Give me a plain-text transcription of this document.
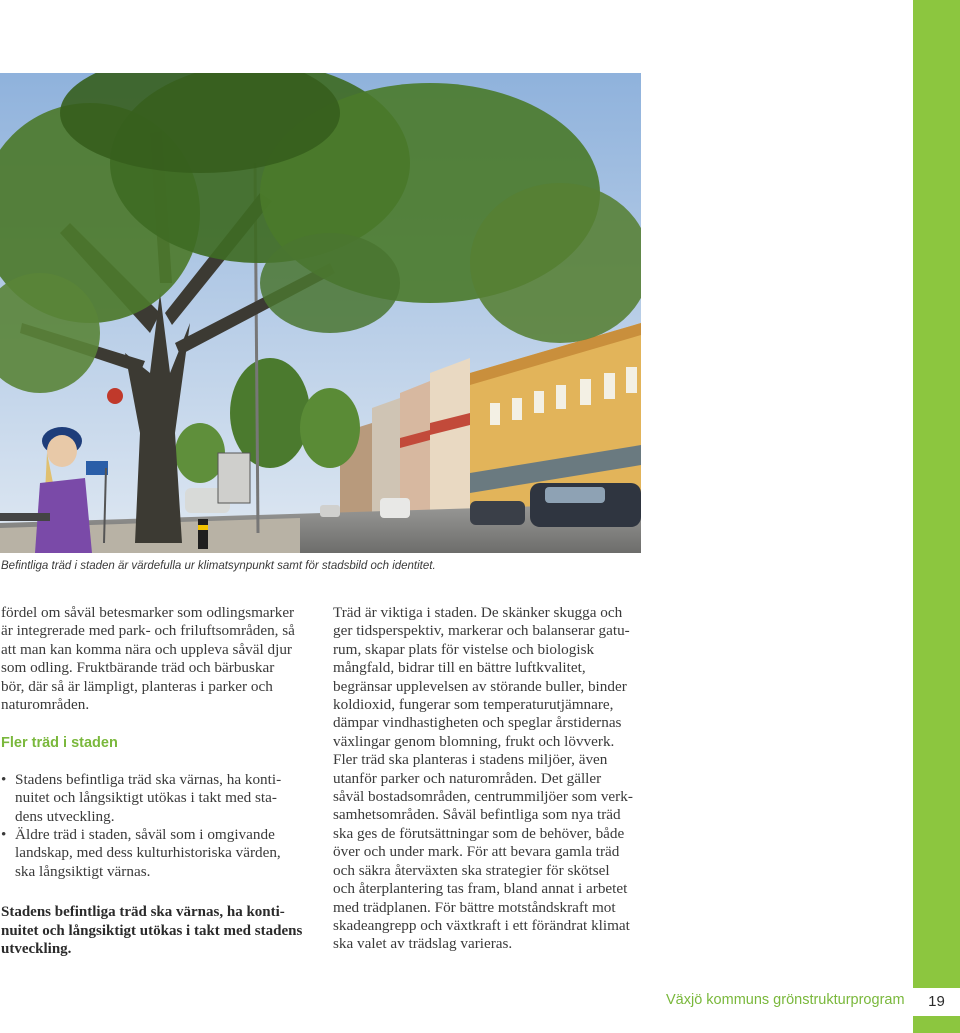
Befintliga träd i staden är värdefulla ur klimatsynpunkt samt för stadsbild och identitet.

fördel om såväl betesmarker som odlingsmarker
är integrerade med park- och friluftsområden, så
att man kan komma nära och uppleva såväl djur
som odling. Fruktbärande träd och bärbuskar
bör, där så är lämpligt, planteras i parker och
naturområden.

Fler träd i staden

• Stadens befintliga träd ska värnas, ha konti-
nuitet och långsiktigt utökas i takt med sta-
dens utveckling.
• Äldre träd i staden, såväl som i omgivande
landskap, med dess kulturhistoriska värden,
ska långsiktigt värnas.

Stadens befintliga träd ska värnas, ha konti-
nuitet och långsiktigt utökas i takt med stadens
utveckling.

Träd är viktiga i staden. De skänker skugga och
ger tidsperspektiv, markerar och balanserar gatu-
rum, skapar plats för vistelse och biologisk
mångfald, bidrar till en bättre luftkvalitet,
begränsar upplevelsen av störande buller, binder
koldioxid, fungerar som temperaturutjämnare,
dämpar vindhastigheten och speglar årstidernas
växlingar genom blomning, frukt och lövverk.
Fler träd ska planteras i stadens miljöer, även
utanför parker och naturområden. Det gäller
såväl bostadsområden, centrummiljöer som verk-
samhetsområden. Såväl befintliga som nya träd
ska ges de förutsättningar som de behöver, både
över och under mark. För att bevara gamla träd
och säkra återväxten ska strategier för skötsel
och återplantering tas fram, bland annat i arbetet
med trädplanen. För bättre motståndskraft mot
skadeangrepp och växtkraft i ett förändrat klimat
ska valet av trädslag varieras.

Växjö kommuns grönstrukturprogram	19
